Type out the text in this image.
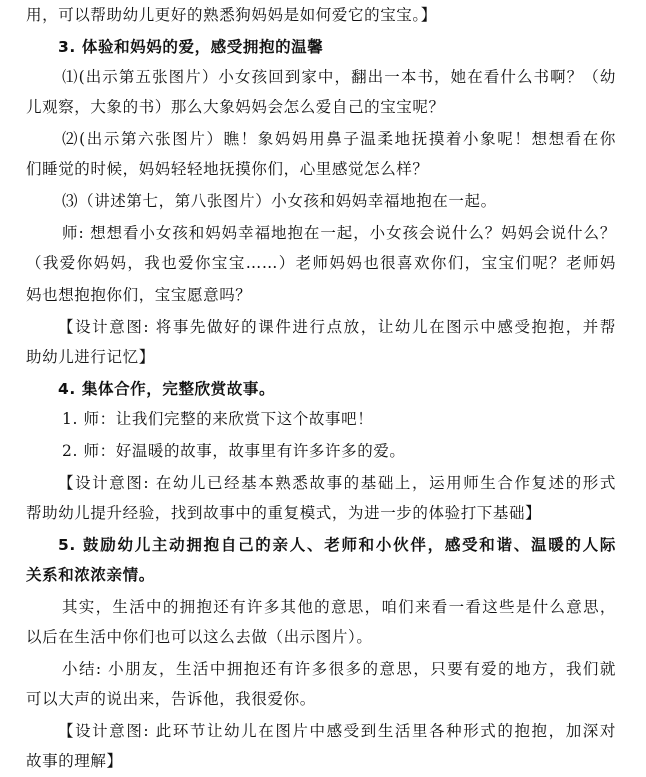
用，可以帮助幼儿更好的熟悉狗妈妈是如何爱它的宝宝。】
3. 体验和妈妈的爱，感受拥抱的温馨
⑴(出示第五张图片）小女孩回到家中，翻出一本书，她在看什么书啊？（幼
儿观察，大象的书）那么大象妈妈会怎么爱自己的宝宝呢？
⑵(出示第六张图片）瞧！象妈妈用鼻子温柔地抚摸着小象呢！想想看在你
们睡觉的时候，妈妈轻轻地抚摸你们，心里感觉怎么样？
⑶（讲述第七，第八张图片）小女孩和妈妈幸福地抱在一起。
师: 想想看小女孩和妈妈幸福地抱在一起，小女孩会说什么？妈妈会说什么？
（我爱你妈妈，我也爱你宝宝……）老师妈妈也很喜欢你们，宝宝们呢？老师妈
妈也想抱抱你们，宝宝愿意吗？
【设计意图: 将事先做好的课件进行点放，让幼儿在图示中感受抱抱，并帮
助幼儿进行记忆】
4. 集体合作，完整欣赏故事。
1. 师：让我们完整的来欣赏下这个故事吧！
2. 师：好温暖的故事，故事里有许多许多的爱。
【设计意图: 在幼儿已经基本熟悉故事的基础上，运用师生合作复述的形式
帮助幼儿提升经验，找到故事中的重复模式，为进一步的体验打下基础】
5. 鼓励幼儿主动拥抱自己的亲人、老师和小伙伴，感受和谐、温暖的人际
关系和浓浓亲情。
其实，生活中的拥抱还有许多其他的意思，咱们来看一看这些是什么意思，
以后在生活中你们也可以这么去做（出示图片）。
小结: 小朋友，生活中拥抱还有许多很多的意思，只要有爱的地方，我们就
可以大声的说出来，告诉他，我很爱你。
【设计意图: 此环节让幼儿在图片中感受到生活里各种形式的抱抱，加深对
故事的理解】
